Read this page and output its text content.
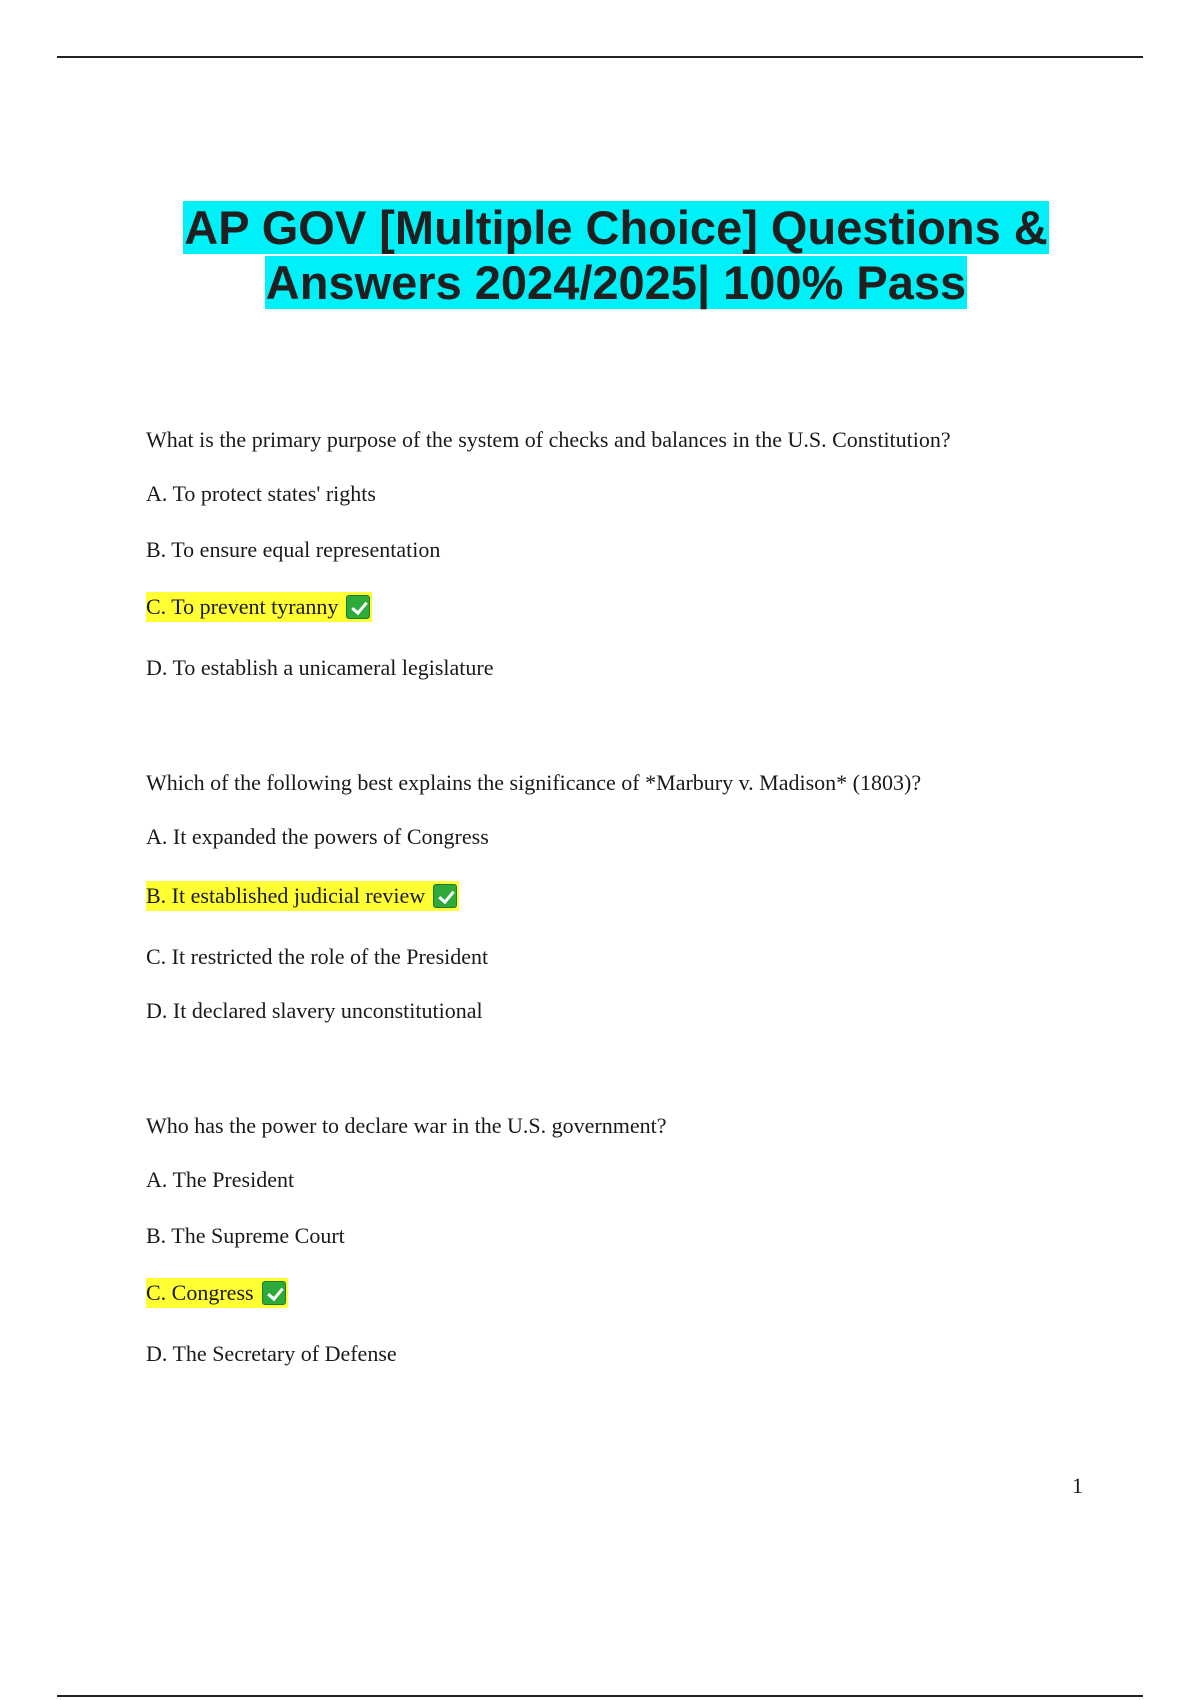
AP GOV [Multiple Choice] Questions & Answers 2024/2025| 100% Pass
What is the primary purpose of the system of checks and balances in the U.S. Constitution?
A. To protect states' rights
B. To ensure equal representation
C. To prevent tyranny
D. To establish a unicameral legislature
Which of the following best explains the significance of *Marbury v. Madison* (1803)?
A. It expanded the powers of Congress
B. It established judicial review
C. It restricted the role of the President
D. It declared slavery unconstitutional
Who has the power to declare war in the U.S. government?
A. The President
B. The Supreme Court
C. Congress
D. The Secretary of Defense
1
